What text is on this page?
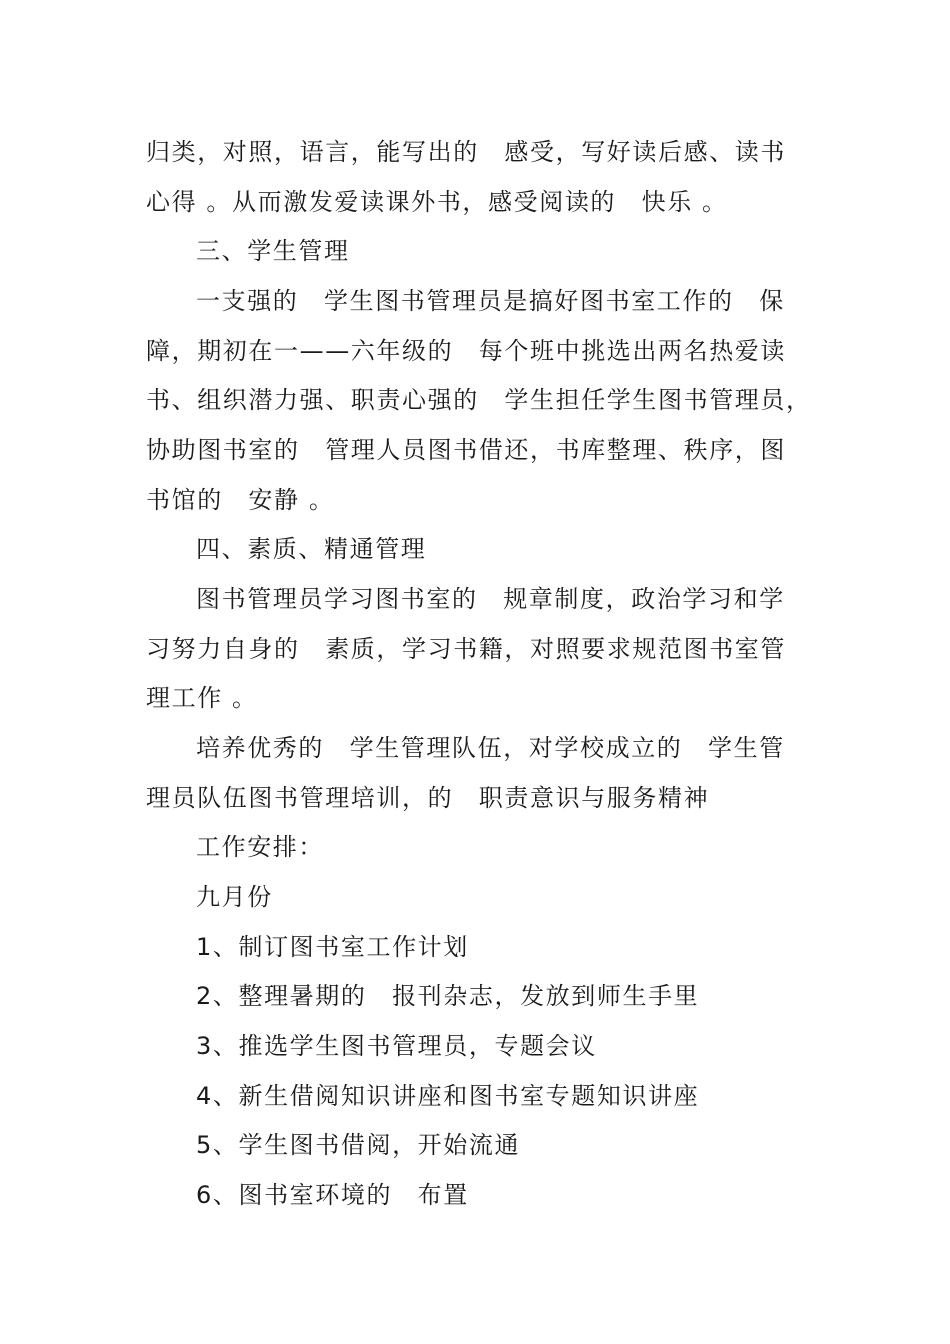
归类，对照，语言，能写出的　感受，写好读后感、读书
心得 。从而激发爱读课外书，感受阅读的　快乐 。
三、学生管理
一支强的　学生图书管理员是搞好图书室工作的　保
障，期初在一——六年级的　每个班中挑选出两名热爱读
书、组织潜力强、职责心强的　学生担任学生图书管理员，
协助图书室的　管理人员图书借还，书库整理、秩序，图
书馆的　安静 。
四、素质、精通管理
图书管理员学习图书室的　规章制度，政治学习和学
习努力自身的　素质，学习书籍，对照要求规范图书室管
理工作 。
培养优秀的　学生管理队伍，对学校成立的　学生管
理员队伍图书管理培训，的　职责意识与服务精神
工作安排：
九月份
1、制订图书室工作计划
2、整理暑期的　报刊杂志，发放到师生手里
3、推选学生图书管理员，专题会议
4、新生借阅知识讲座和图书室专题知识讲座
5、学生图书借阅，开始流通
6、图书室环境的　布置
